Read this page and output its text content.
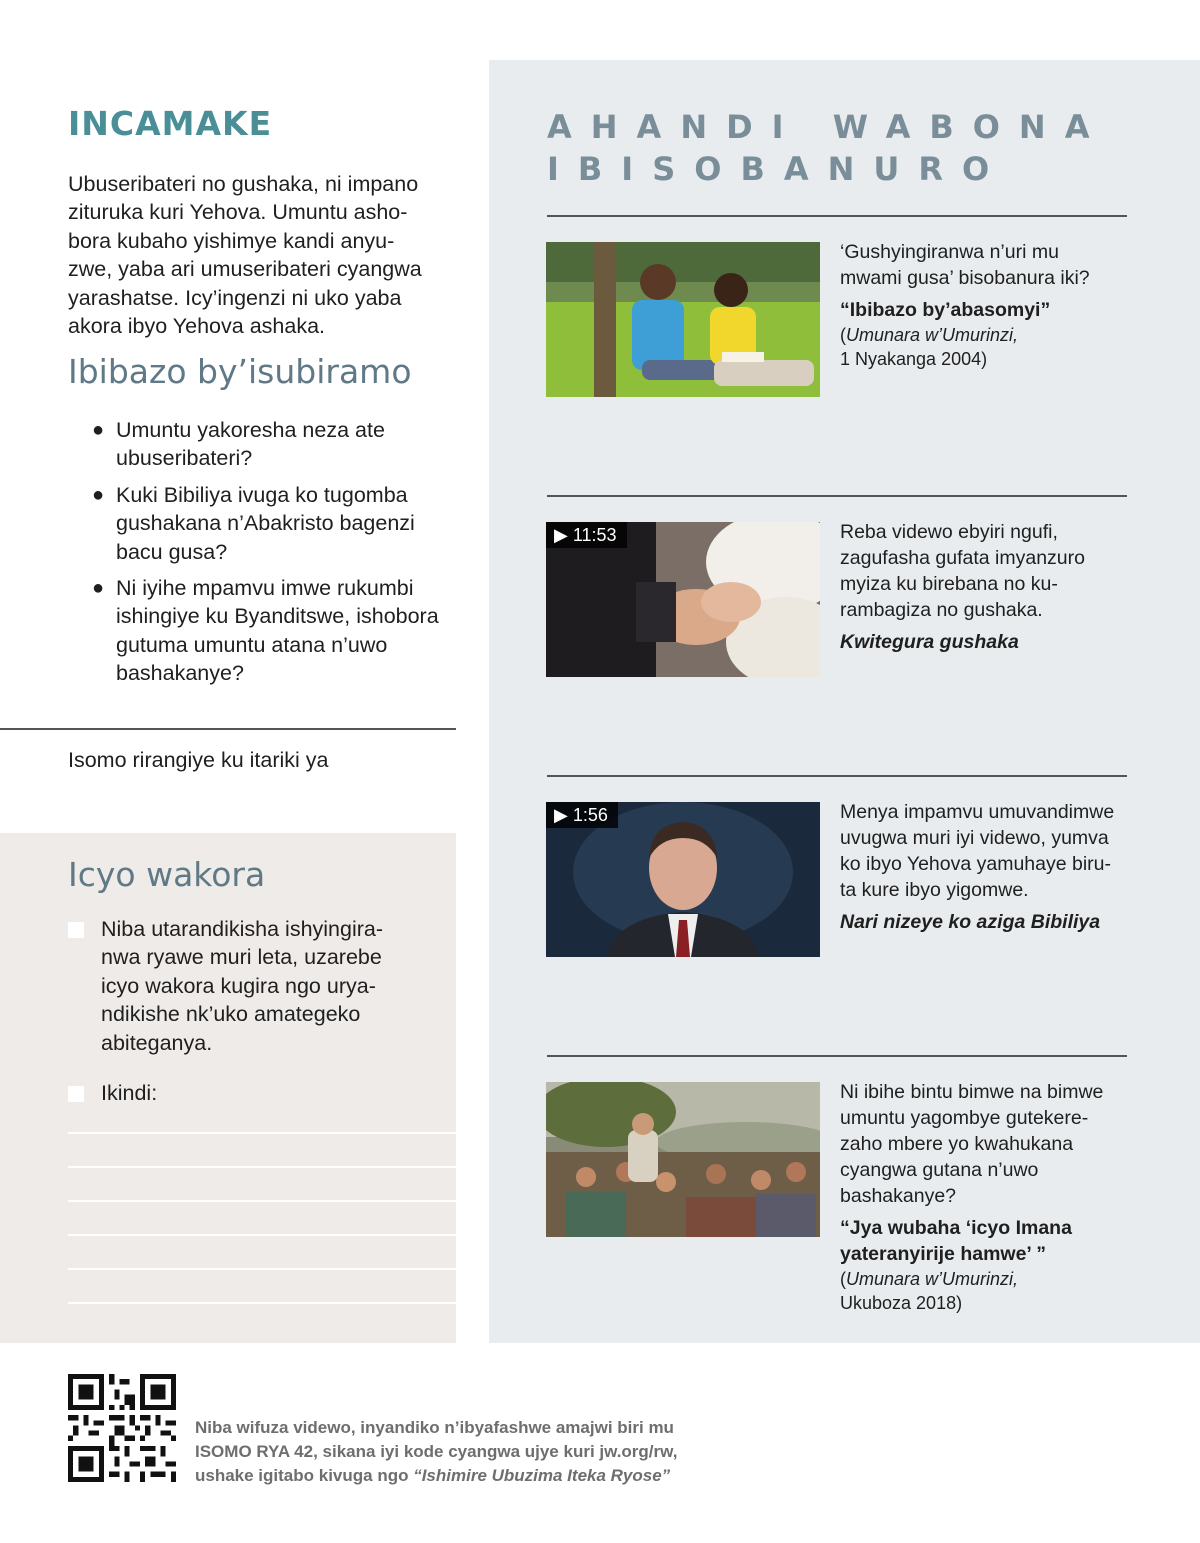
INCAMAKE

Ubuseribateri no gushaka, ni impano
ziturukа kuri Yehova. Umuntu asho-
bora kubaho yishimye kandi anyu-
zwe, yaba ari umuseribateri cyangwa
yarashatse. Icy’ingenzi ni uko yaba
akora ibyo Yehova ashaka.

Ibibazo by’isubiramo
● Umuntu yakoresha neza ate
ubuseribateri?
● Kuki Bibiliya ivuga ko tugomba
gushakana n’Abakristo bagenzi
bacu gusa?
● Ni iyihe mpamvu imwe rukumbi
ishingiye ku Byanditswe, ishobora
gutuma umuntu atana n’uwo
bashakanye?

Isomo rirangiye ku itariki ya

Icyo wakora

Niba utarandikisha ishyingira-
nwa ryawe muri leta, uzarebe
icyo wakora kugira ngo urya-
ndikishe nk’uko amategeko
abiteganya.

Ikindi:

AHANDI WABONA
IBISOBANURO

‘Gushyingiranwa n’uri mu
mwami gusa’ bisobanura iki?

“Ibibazo by’abasomyi”

(Umunara w’Umurinzi,
1 Nyakanga 2004)

▶ 11:53	Reba videwo ebyiri ngufi,
zagufasha gufata imyanzuro
myiza ku birebana no ku-
rambagiza no gushaka.

Kwitegura gushaka

▶ 1:56	Menya impamvu umuvandimwe
uvugwa muri iyi videwo, yumva
ko ibyo Yehova yamuhaye biru-
ta kure ibyo yigomwe.

Nari nizeye ko aziga Bibiliya

Ni ibihe bintu bimwe na bimwe
umuntu yagombye gutekere-
zaho mbere yo kwahukana
cyangwa gutana n’uwo
bashakanye?

“Jya wubaha ‘icyo Imana
yateranyirije hamwe’ ”

(Umunara w’Umurinzi,
Ukuboza 2018)

Niba wifuza videwo, inyandiko n’ibyafashwe amajwi biri mu
ISOMO RYA 42, sikana iyi kode cyangwa ujye kuri jw.org/rw,
ushake igitabo kivuga ngo “Ishimire Ubuzima Iteka Ryose”
